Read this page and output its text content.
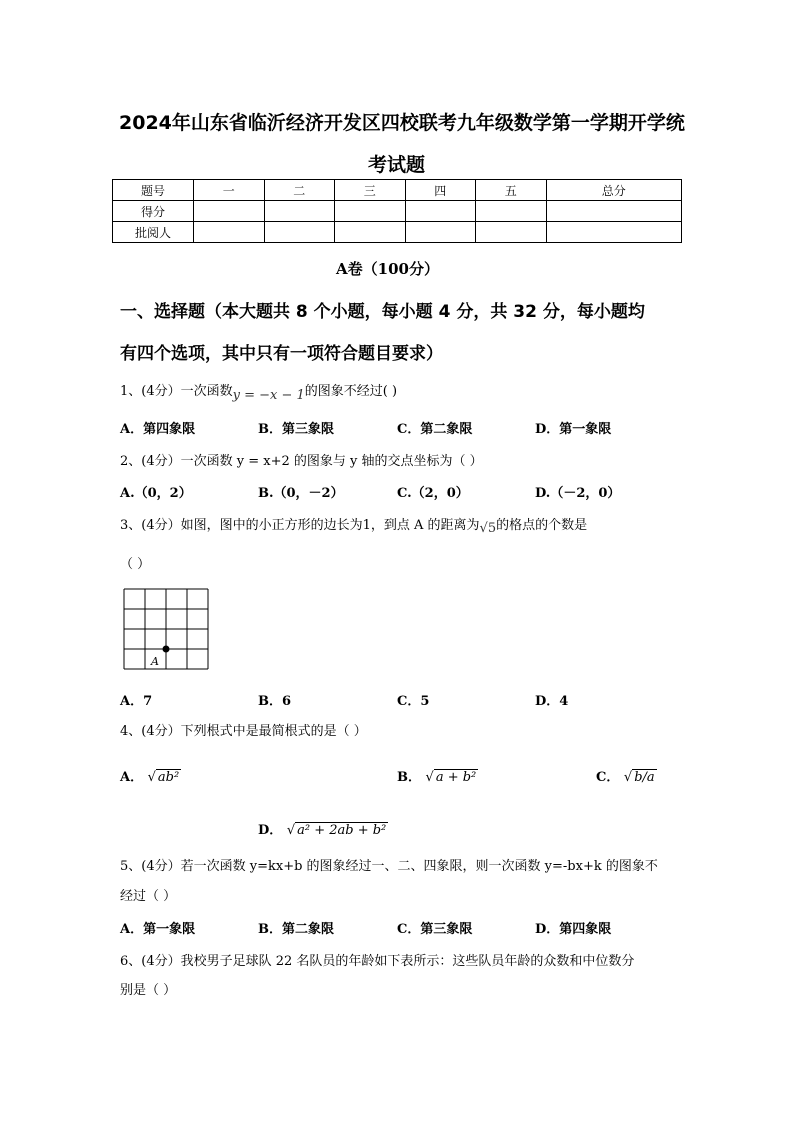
2024年山东省临沂经济开发区四校联考九年级数学第一学期开学统
考试题
题号	一	二	三	四	五	总分
得分						
批阅人						
A卷（100分）
一、选择题（本大题共 8 个小题，每小题 4 分，共 32 分，每小题均
有四个选项，其中只有一项符合题目要求）
1、(4分）一次函数y = −x − 1的图象不经过( )
A．第四象限	B．第三象限	C．第二象限	D．第一象限
2、(4分）一次函数 y = x+2 的图象与 y 轴的交点坐标为（ ）
A.（0，2）	B.（0，－2）	C.（2，0）	D.（－2，0）
3、(4分）如图，图中的小正方形的边长为1，到点 A 的距离为√5的格点的个数是
（ ）
A
A．7	B．6	C．5	D．4
4、(4分）下列根式中是最简根式的是（ ）
A． √ ab²	B． √ a + b²	C． √ b/a
D． √ a² + 2ab + b²
5、(4分）若一次函数 y=kx+b 的图象经过一、二、四象限，则一次函数 y=-bx+k 的图象不
经过（ ）
A．第一象限	B．第二象限	C．第三象限	D．第四象限
6、(4分）我校男子足球队 22 名队员的年龄如下表所示：这些队员年龄的众数和中位数分
别是（ ）
